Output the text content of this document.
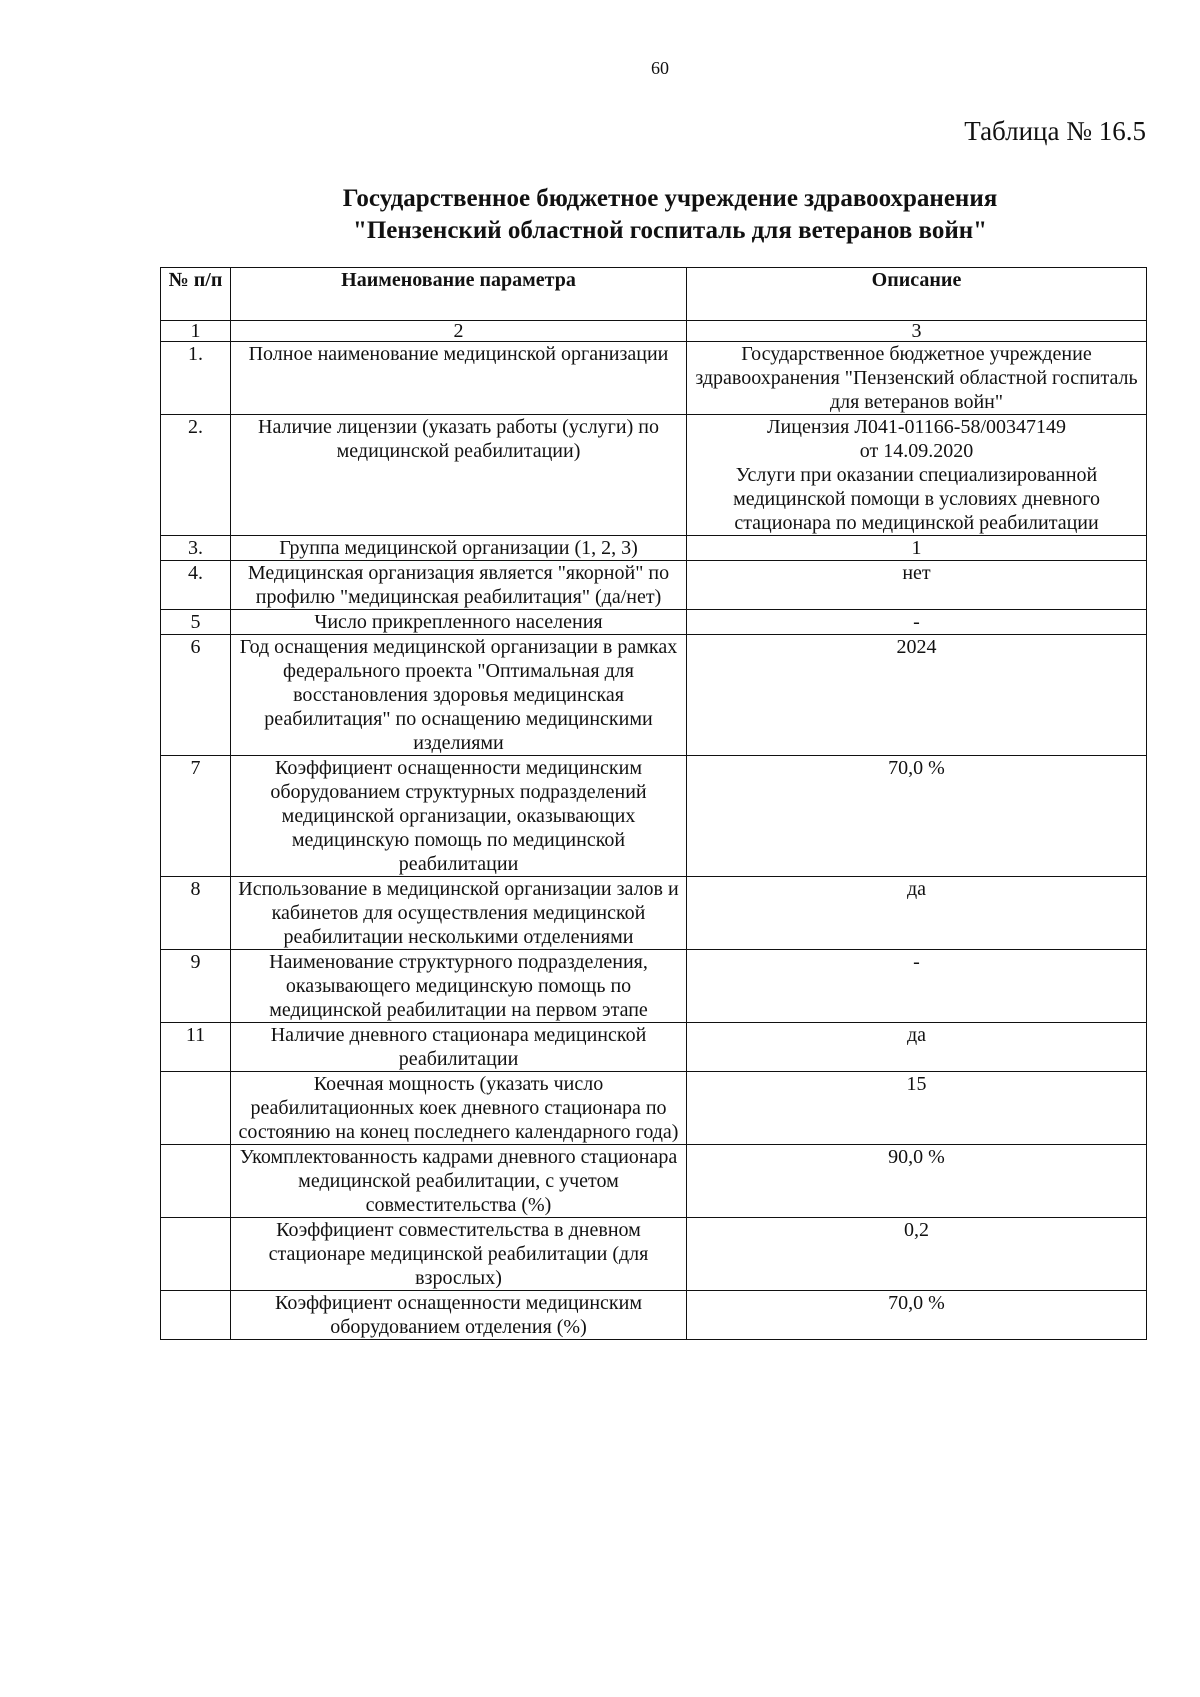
60
Таблица № 16.5
Государственное бюджетное учреждение здравоохранения
"Пензенский областной госпиталь для ветеранов войн"
№ п/п	Наименование параметра	Описание
1	2	3
1.	Полное наименование медицинской организации	Государственное бюджетное учреждение здравоохранения "Пензенский областной госпиталь для ветеранов войн"
2.	Наличие лицензии (указать работы (услуги) по медицинской реабилитации)	Лицензия Л041-01166-58/00347149
от 14.09.2020
Услуги при оказании специализированной медицинской помощи в условиях дневного стационара по медицинской реабилитации

3.	Группа медицинской организации (1, 2, 3)	1
4.	Медицинская организация является "якорной" по профилю "медицинская реабилитация" (да/нет)	нет
5	Число прикрепленного населения	-
6	Год оснащения медицинской организации в рамках федерального проекта "Оптимальная для восстановления здоровья медицинская реабилитация" по оснащению медицинскими изделиями	2024
7	Коэффициент оснащенности медицинским оборудованием структурных подразделений медицинской организации, оказывающих медицинскую помощь по медицинской реабилитации	70,0 %
8	Использование в медицинской организации залов и кабинетов для осуществления медицинской реабилитации несколькими отделениями	да
9	Наименование структурного подразделения, оказывающего медицинскую помощь по медицинской реабилитации на первом этапе	-
11	Наличие дневного стационара медицинской реабилитации	да
	Коечная мощность (указать число реабилитационных коек дневного стационара по состоянию на конец последнего календарного года)	15
	Укомплектованность кадрами дневного стационара медицинской реабилитации, с учетом совместительства (%)	90,0 %
	Коэффициент совместительства в дневном стационаре медицинской реабилитации (для взрослых)	0,2
	Коэффициент оснащенности медицинским оборудованием отделения (%)	70,0 %
